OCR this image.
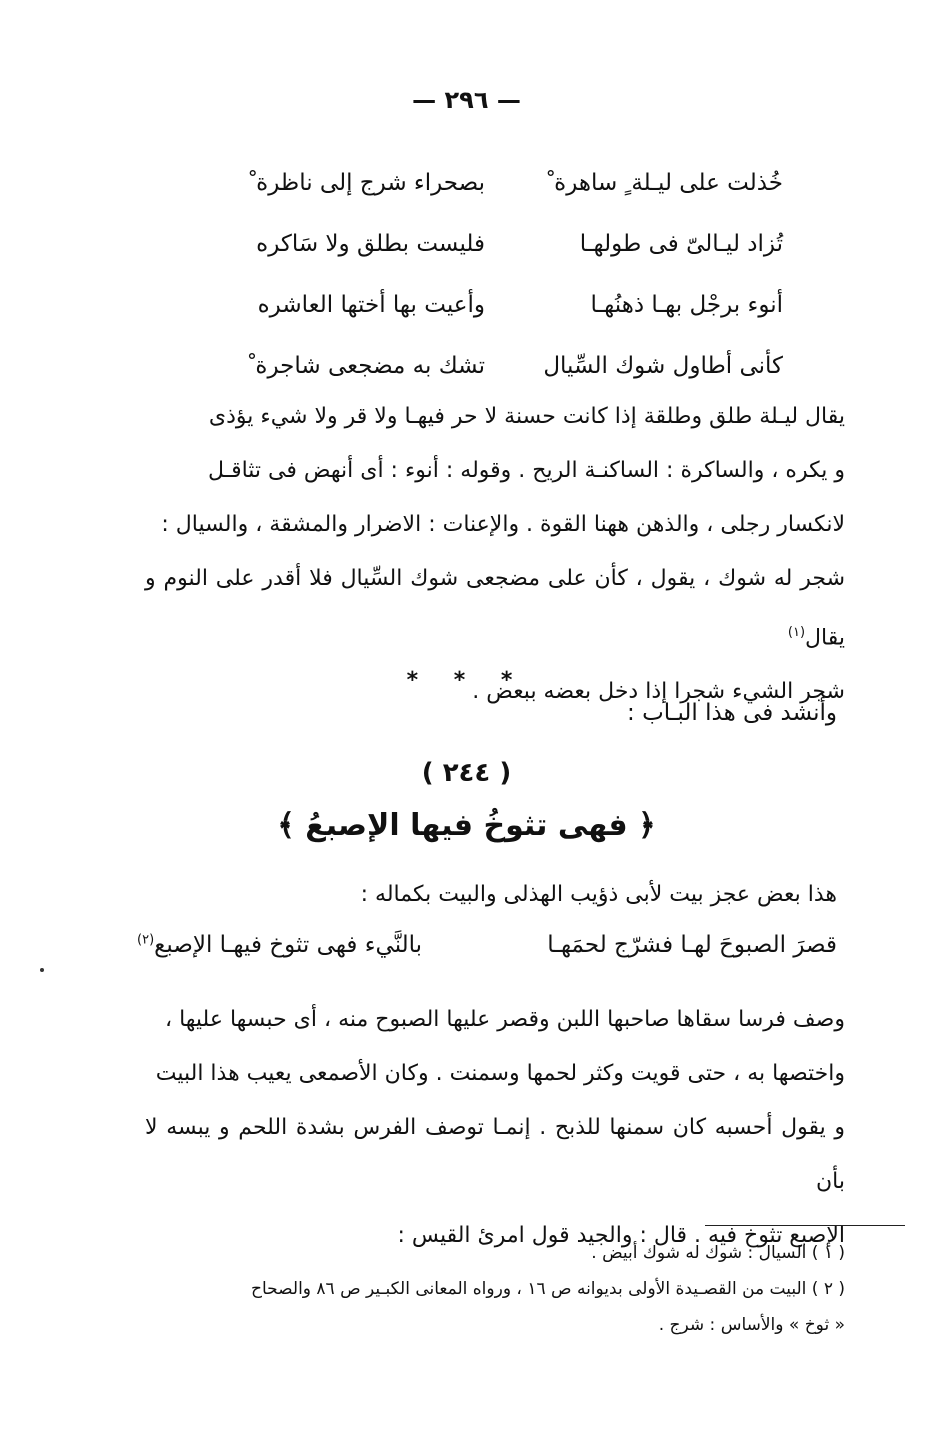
— ٢٩٦ —
خُذلت على ليـلة ٍ ساهرة ْ
بصحراء شرج إلى ناظرة ْ
تُزاد ليـالىّ فى طولهـا
فليست بطلق ولا سَاكره
أنوء برجْل بهـا ذهنُهـا
وأعيت بها أختها العاشره
كأنى أطاول شوك السِّيال
تشك به مضجعى شاجرة ْ

يقال ليـلة طلق وطلقة إذا كانت حسنة لا حر فيهـا ولا قر ولا شيء يؤذى

و يكره ، والساكرة : الساكنـة الريح . وقوله : أنوء : أى أنهض فى تثاقـل

لانكسار رجلى ، والذهن ههنا القوة . والإعنات : الاضرار والمشقة ، والسيال :

شجر له شوك ، يقول ، كأن على مضجعى شوك السِّيال فلا أقدر على النوم و يقال$^{(١)}$

شجر الشيء شجرا إذا دخل بعضه ببعض .

* * *
وأنشد فى هذا البـاب :
( ٢٤٤ )
﴿ فهى تثوخُ فيها الإصبعُ ﴾
هذا بعض عجز بيت لأبى ذؤيب الهذلى والبيت بكماله :
قصرَ الصبوحَ لهـا فشرّج لحمَهـا
بالنَّيء فهى تثوخ فيهـا الإصبع$^{(٢)}$

وصف فرسا سقاها صاحبها اللبن وقصر عليها الصبوح منه ، أى حبسها عليها ،

واختصها به ، حتى قويت وكثر لحمها وسمنت . وكان الأصمعى يعيب هذا البيت

و يقول أحسبه كان سمنها للذبح . إنمـا توصف الفرس بشدة اللحم و يبسه لا بأن

الإصبع تثوخ فيه . قال : والجيد قول امرئ القيس :

( ١ ) السيال : شوك له شوك أبيض .

( ٢ ) البيت من القصـيدة الأولى بديوانه ص ١٦ ، ورواه المعانى الكبـير ص ٨٦ والصحاح

« ثوخ » والأساس : شرج .
